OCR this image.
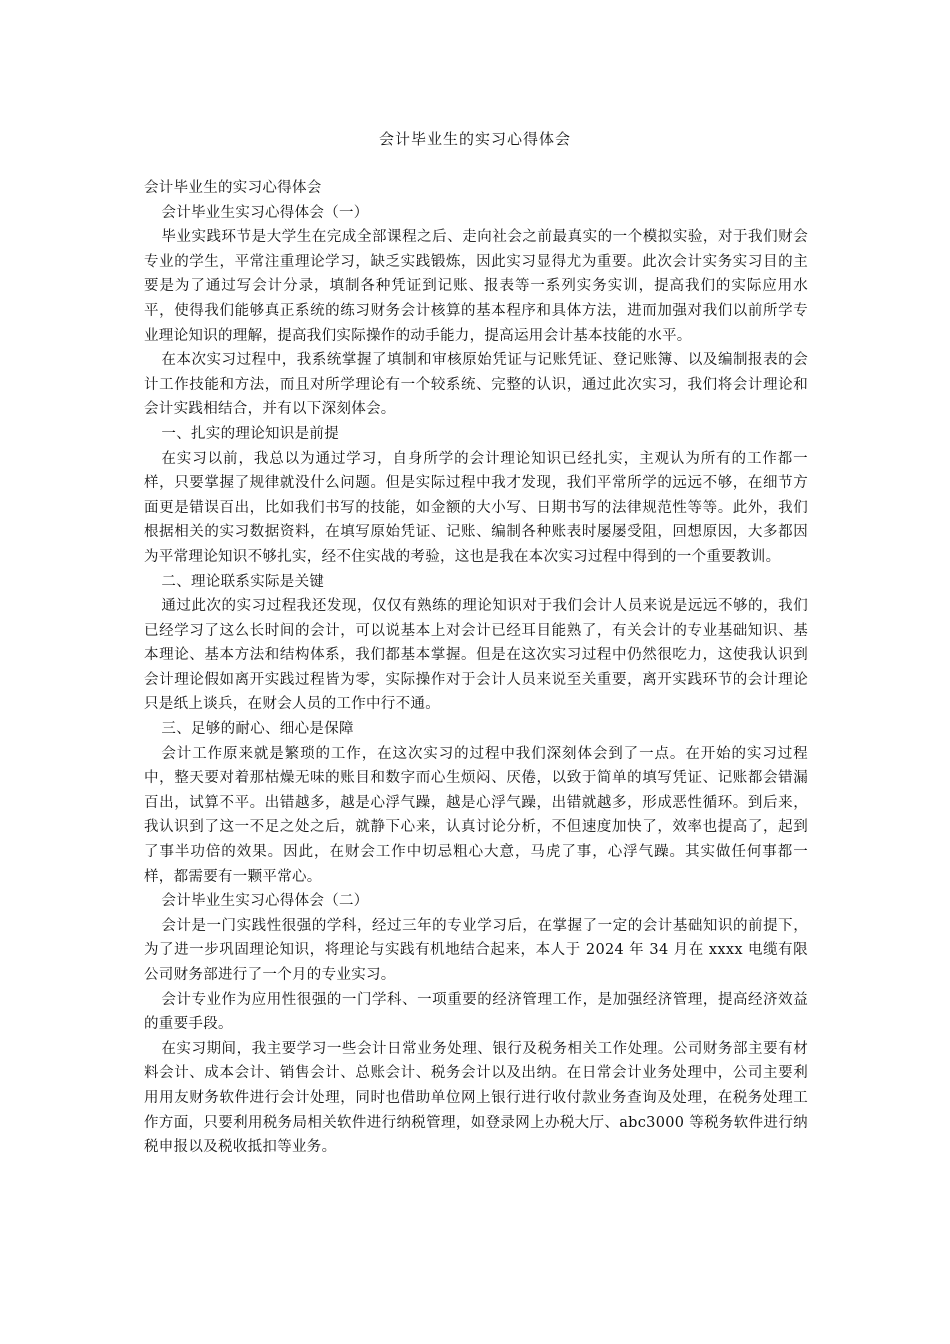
会计毕业生的实习心得体会

会计毕业生的实习心得体会

会计毕业生实习心得体会（一）

毕业实践环节是大学生在完成全部课程之后、走向社会之前最真实的一个模拟实验，对于我们财会专业的学生，平常注重理论学习，缺乏实践锻炼，因此实习显得尤为重要。此次会计实务实习目的主要是为了通过写会计分录，填制各种凭证到记账、报表等一系列实务实训，提高我们的实际应用水平，使得我们能够真正系统的练习财务会计核算的基本程序和具体方法，进而加强对我们以前所学专业理论知识的理解，提高我们实际操作的动手能力，提高运用会计基本技能的水平。

在本次实习过程中，我系统掌握了填制和审核原始凭证与记账凭证、登记账簿、以及编制报表的会计工作技能和方法，而且对所学理论有一个较系统、完整的认识，通过此次实习，我们将会计理论和会计实践相结合，并有以下深刻体会。

一、扎实的理论知识是前提

在实习以前，我总以为通过学习，自身所学的会计理论知识已经扎实，主观认为所有的工作都一样，只要掌握了规律就没什么问题。但是实际过程中我才发现，我们平常所学的远远不够，在细节方面更是错误百出，比如我们书写的技能，如金额的大小写、日期书写的法律规范性等等。此外，我们根据相关的实习数据资料，在填写原始凭证、记账、编制各种账表时屡屡受阻，回想原因，大多都因为平常理论知识不够扎实，经不住实战的考验，这也是我在本次实习过程中得到的一个重要教训。

二、理论联系实际是关键

通过此次的实习过程我还发现，仅仅有熟练的理论知识对于我们会计人员来说是远远不够的，我们已经学习了这么长时间的会计，可以说基本上对会计已经耳目能熟了，有关会计的专业基础知识、基本理论、基本方法和结构体系，我们都基本掌握。但是在这次实习过程中仍然很吃力，这使我认识到会计理论假如离开实践过程皆为零，实际操作对于会计人员来说至关重要，离开实践环节的会计理论只是纸上谈兵，在财会人员的工作中行不通。

三、足够的耐心、细心是保障

会计工作原来就是繁琐的工作，在这次实习的过程中我们深刻体会到了一点。在开始的实习过程中，整天要对着那枯燥无味的账目和数字而心生烦闷、厌倦，以致于简单的填写凭证、记账都会错漏百出，试算不平。出错越多，越是心浮气躁，越是心浮气躁，出错就越多，形成恶性循环。到后来，我认识到了这一不足之处之后，就静下心来，认真讨论分析，不但速度加快了，效率也提高了，起到了事半功倍的效果。因此，在财会工作中切忌粗心大意，马虎了事，心浮气躁。其实做任何事都一样，都需要有一颗平常心。

会计毕业生实习心得体会（二）

会计是一门实践性很强的学科，经过三年的专业学习后，在掌握了一定的会计基础知识的前提下，为了进一步巩固理论知识，将理论与实践有机地结合起来，本人于 2024 年 34 月在 xxxx 电缆有限公司财务部进行了一个月的专业实习。

会计专业作为应用性很强的一门学科、一项重要的经济管理工作，是加强经济管理，提高经济效益的重要手段。

在实习期间，我主要学习一些会计日常业务处理、银行及税务相关工作处理。公司财务部主要有材料会计、成本会计、销售会计、总账会计、税务会计以及出纳。在日常会计业务处理中，公司主要利用用友财务软件进行会计处理，同时也借助单位网上银行进行收付款业务查询及处理，在税务处理工作方面，只要利用税务局相关软件进行纳税管理，如登录网上办税大厅、abc3000 等税务软件进行纳税申报以及税收抵扣等业务。
